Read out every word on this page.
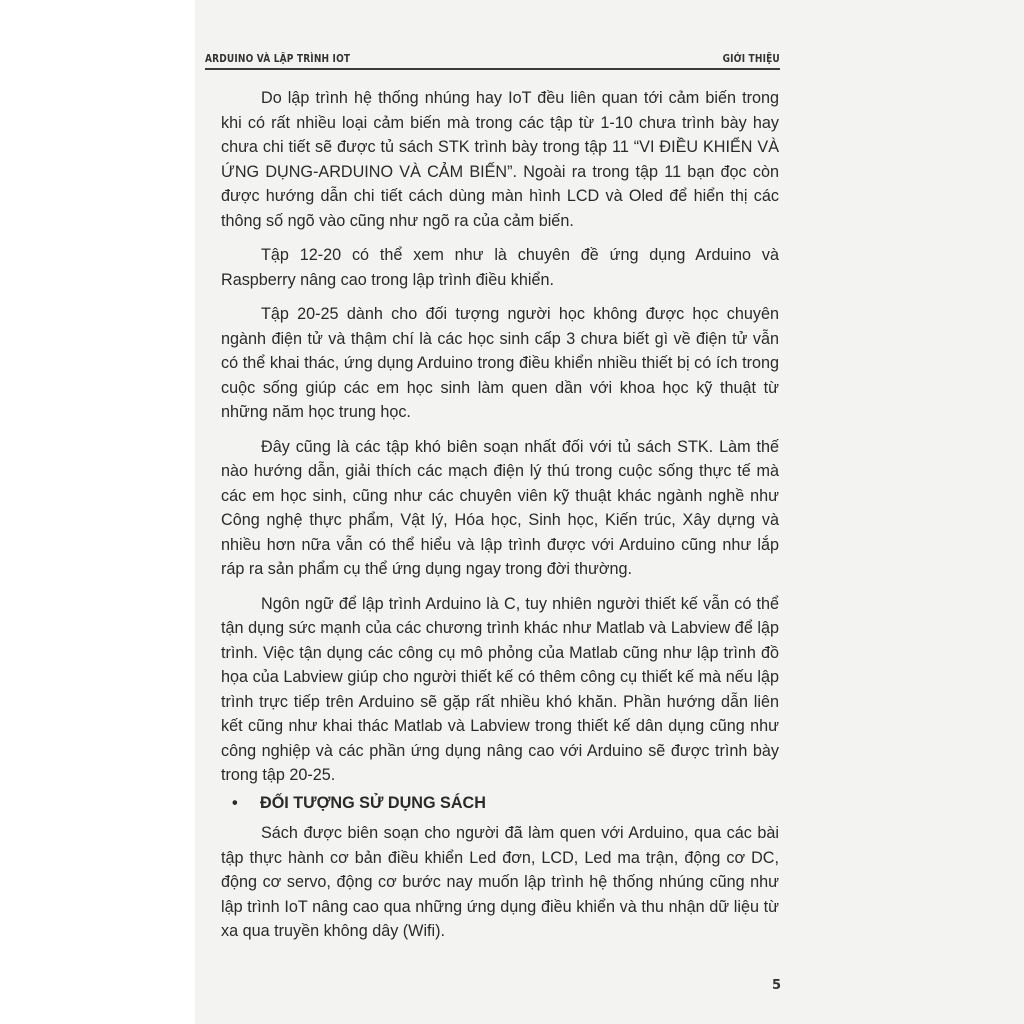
ARDUINO VÀ LẬP TRÌNH IOT	GIỚI THIỆU

Do lập trình hệ thống nhúng hay IoT đều liên quan tới cảm biến trong khi có rất nhiều loại cảm biến mà trong các tập từ 1-10 chưa trình bày hay chưa chi tiết sẽ được tủ sách STK trình bày trong tập 11 “VI ĐIỀU KHIỂN VÀ ỨNG DỤNG-ARDUINO VÀ CẢM BIẾN”. Ngoài ra trong tập 11 bạn đọc còn được hướng dẫn chi tiết cách dùng màn hình LCD và Oled để hiển thị các thông số ngõ vào cũng như ngõ ra của cảm biến.

Tập 12-20 có thể xem như là chuyên đề ứng dụng Arduino và Raspberry nâng cao trong lập trình điều khiển.

Tập 20-25 dành cho đối tượng người học không được học chuyên ngành điện tử và thậm chí là các học sinh cấp 3 chưa biết gì về điện tử vẫn có thể khai thác, ứng dụng Arduino trong điều khiển nhiều thiết bị có ích trong cuộc sống giúp các em học sinh làm quen dần với khoa học kỹ thuật từ những năm học trung học.

Đây cũng là các tập khó biên soạn nhất đối với tủ sách STK. Làm thế nào hướng dẫn, giải thích các mạch điện lý thú trong cuộc sống thực tế mà các em học sinh, cũng như các chuyên viên kỹ thuật khác ngành nghề như Công nghệ thực phẩm, Vật lý, Hóa học, Sinh học, Kiến trúc, Xây dựng và nhiều hơn nữa vẫn có thể hiểu và lập trình được với Arduino cũng như lắp ráp ra sản phẩm cụ thể ứng dụng ngay trong đời thường.

Ngôn ngữ để lập trình Arduino là C, tuy nhiên người thiết kế vẫn có thể tận dụng sức mạnh của các chương trình khác như Matlab và Labview để lập trình. Việc tận dụng các công cụ mô phỏng của Matlab cũng như lập trình đồ họa của Labview giúp cho người thiết kế có thêm công cụ thiết kế mà nếu lập trình trực tiếp trên Arduino sẽ gặp rất nhiều khó khăn. Phần hướng dẫn liên kết cũng như khai thác Matlab và Labview trong thiết kế dân dụng cũng như công nghiệp và các phần ứng dụng nâng cao với Arduino sẽ được trình bày trong tập 20-25.

• ĐỐI TƯỢNG SỬ DỤNG SÁCH

Sách được biên soạn cho người đã làm quen với Arduino, qua các bài tập thực hành cơ bản điều khiển Led đơn, LCD, Led ma trận, động cơ DC, động cơ servo, động cơ bước nay muốn lập trình hệ thống nhúng cũng như lập trình IoT nâng cao qua những ứng dụng điều khiển và thu nhận dữ liệu từ xa qua truyền không dây (Wifi).

5
